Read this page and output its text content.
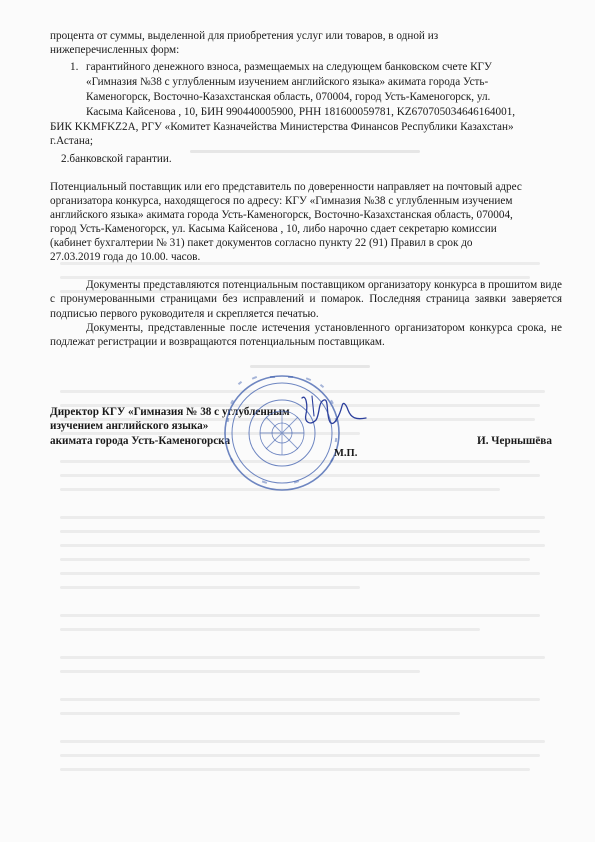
процента от суммы, выделенной для приобретения услуг или товаров, в одной из
нижеперечисленных форм:
1. гарантийного денежного взноса, размещаемых на следующем банковском счете КГУ
«Гимназия №38 с углубленным изучением английского языка» акимата города Усть-
Каменогорск, Восточно-Казахстанская область, 070004, город Усть-Каменогорск, ул.
Касыма Кайсенова , 10, БИН 990440005900, РНН 181600059781, KZ670705034646164001,
БИК KKMFKZ2A, РГУ «Комитет Казначейства Министерства Финансов Республики Казахстан»
г.Астана;
2.банковской гарантии.
Потенциальный поставщик или его представитель по доверенности направляет на почтовый адрес
организатора конкурса, находящегося по адресу: КГУ «Гимназия №38 с углубленным изучением
английского языка» акимата города Усть-Каменогорск, Восточно-Казахстанская область, 070004,
город Усть-Каменогорск, ул. Касыма Кайсенова , 10, либо нарочно сдает секретарю комиссии
(кабинет бухгалтерии № 31) пакет документов согласно пункту 22 (91) Правил в срок до
27.03.2019 года до 10.00. часов.
Документы представляются потенциальным поставщиком организатору конкурса в прошитом виде с пронумерованными страницами без исправлений и помарок. Последняя страница заявки заверяется подписью первого руководителя и скрепляется печатью.
Документы, представленные после истечения установленного организатором конкурса срока, не подлежат регистрации и возвращаются потенциальным поставщикам.
Директор КГУ «Гимназия № 38 с углубленным
изучением английского языка»
акимата города Усть-Каменогорска	И. Чернышёва
М.П.
